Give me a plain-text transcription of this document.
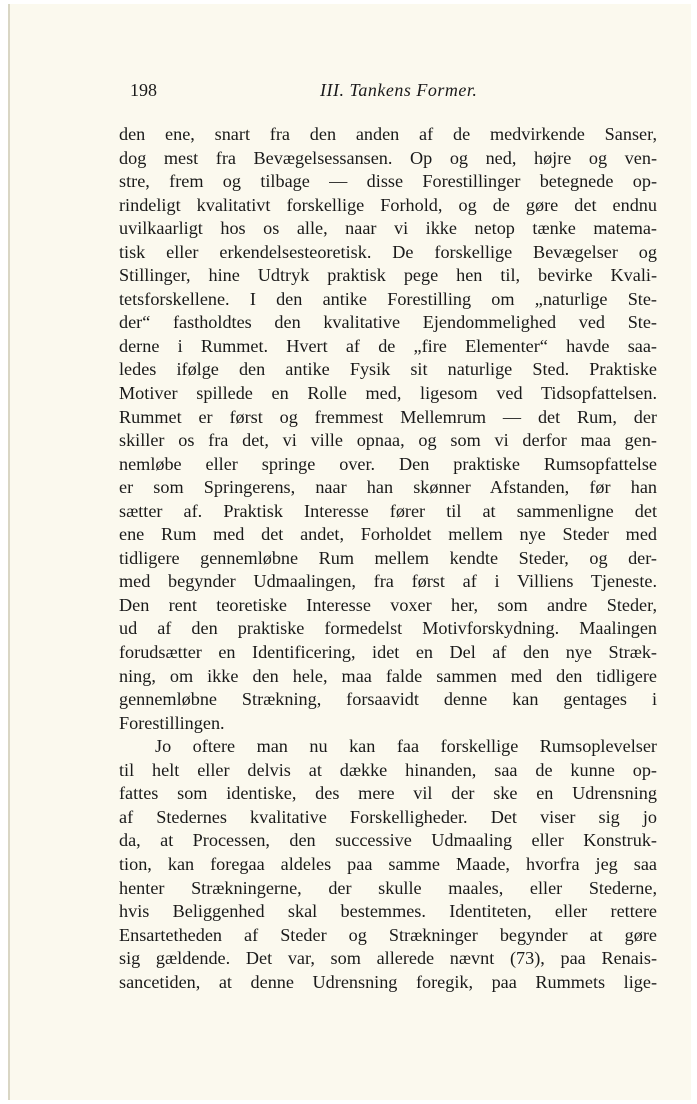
198	III. Tankens Former.
den ene, snart fra den anden af de medvirkende Sanser,
dog mest fra Bevægelsessansen. Op og ned, højre og ven-
stre, frem og tilbage — disse Forestillinger betegnede op-
rindeligt kvalitativt forskellige Forhold, og de gøre det endnu
uvilkaarligt hos os alle, naar vi ikke netop tænke matema-
tisk eller erkendelsesteoretisk. De forskellige Bevægelser og
Stillinger, hine Udtryk praktisk pege hen til, bevirke Kvali-
tetsforskellene. I den antike Forestilling om „naturlige Ste-
der“ fastholdtes den kvalitative Ejendommelighed ved Ste-
derne i Rummet. Hvert af de „fire Elementer“ havde saa-
ledes ifølge den antike Fysik sit naturlige Sted. Praktiske
Motiver spillede en Rolle med, ligesom ved Tidsopfattelsen.
Rummet er først og fremmest Mellemrum — det Rum, der
skiller os fra det, vi ville opnaa, og som vi derfor maa gen-
nemløbe eller springe over. Den praktiske Rumsopfattelse
er som Springerens, naar han skønner Afstanden, før han
sætter af. Praktisk Interesse fører til at sammenligne det
ene Rum med det andet, Forholdet mellem nye Steder med
tidligere gennemløbne Rum mellem kendte Steder, og der-
med begynder Udmaalingen, fra først af i Villiens Tjeneste.
Den rent teoretiske Interesse voxer her, som andre Steder,
ud af den praktiske formedelst Motivforskydning. Maalingen
forudsætter en Identificering, idet en Del af den nye Stræk-
ning, om ikke den hele, maa falde sammen med den tidligere
gennemløbne Strækning, forsaavidt denne kan gentages i
Forestillingen.
Jo oftere man nu kan faa forskellige Rumsoplevelser
til helt eller delvis at dække hinanden, saa de kunne op-
fattes som identiske, des mere vil der ske en Udrensning
af Stedernes kvalitative Forskelligheder. Det viser sig jo
da, at Processen, den successive Udmaaling eller Konstruk-
tion, kan foregaa aldeles paa samme Maade, hvorfra jeg saa
henter Strækningerne, der skulle maales, eller Stederne,
hvis Beliggenhed skal bestemmes. Identiteten, eller rettere
Ensartetheden af Steder og Strækninger begynder at gøre
sig gældende. Det var, som allerede nævnt (73), paa Renais-
sancetiden, at denne Udrensning foregik, paa Rummets lige-
